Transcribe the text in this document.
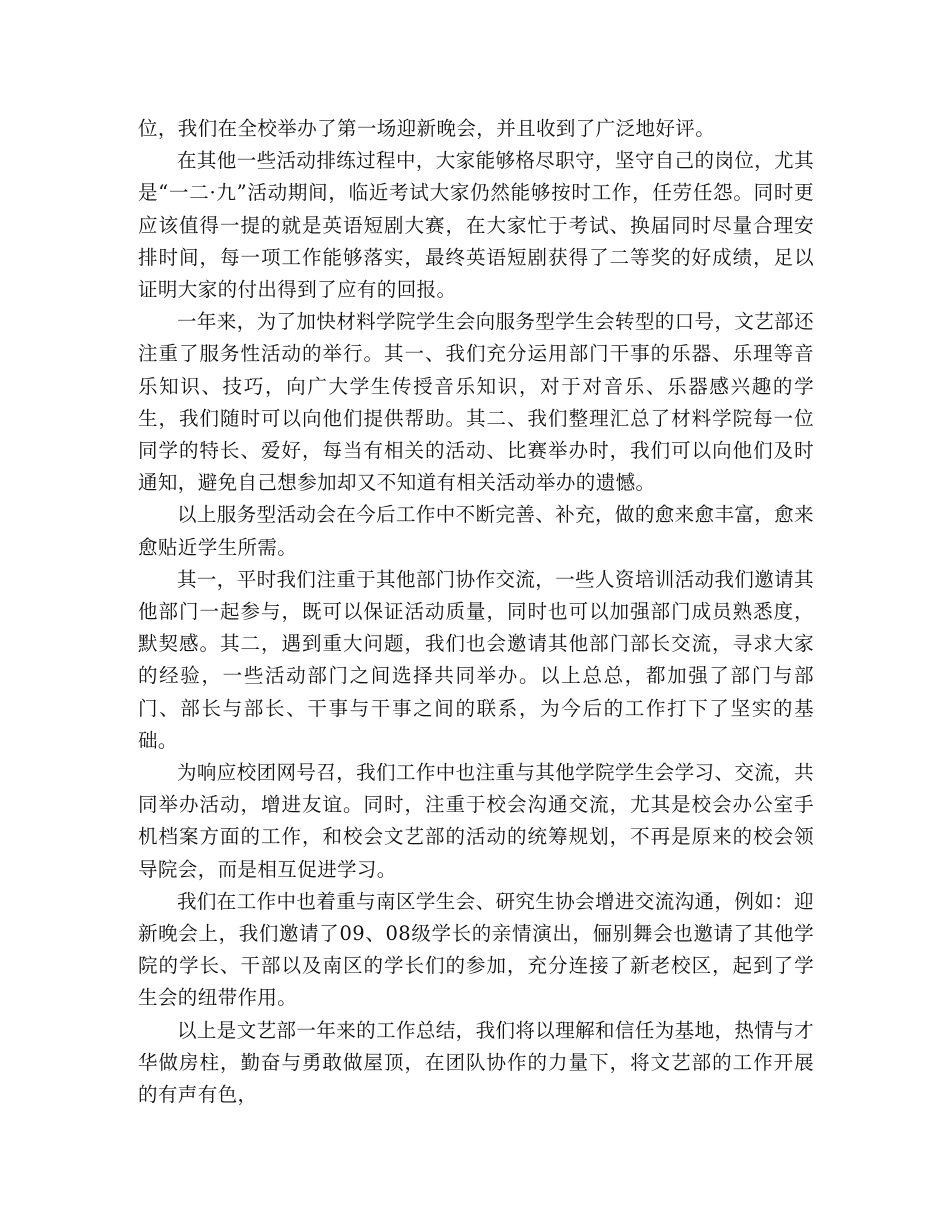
位，我们在全校举办了第一场迎新晚会，并且收到了广泛地好评。

在其他一些活动排练过程中，大家能够格尽职守，坚守自己的岗位，尤其是“一二·九”活动期间，临近考试大家仍然能够按时工作，任劳任怨。同时更应该值得一提的就是英语短剧大赛，在大家忙于考试、换届同时尽量合理安排时间，每一项工作能够落实，最终英语短剧获得了二等奖的好成绩，足以证明大家的付出得到了应有的回报。

一年来，为了加快材料学院学生会向服务型学生会转型的口号，文艺部还注重了服务性活动的举行。其一、我们充分运用部门干事的乐器、乐理等音乐知识、技巧，向广大学生传授音乐知识，对于对音乐、乐器感兴趣的学生，我们随时可以向他们提供帮助。其二、我们整理汇总了材料学院每一位同学的特长、爱好，每当有相关的活动、比赛举办时，我们可以向他们及时通知，避免自己想参加却又不知道有相关活动举办的遗憾。

以上服务型活动会在今后工作中不断完善、补充，做的愈来愈丰富，愈来愈贴近学生所需。

其一，平时我们注重于其他部门协作交流，一些人资培训活动我们邀请其他部门一起参与，既可以保证活动质量，同时也可以加强部门成员熟悉度，默契感。其二，遇到重大问题，我们也会邀请其他部门部长交流，寻求大家的经验，一些活动部门之间选择共同举办。以上总总，都加强了部门与部门、部长与部长、干事与干事之间的联系，为今后的工作打下了坚实的基础。

为响应校团网号召，我们工作中也注重与其他学院学生会学习、交流，共同举办活动，增进友谊。同时，注重于校会沟通交流，尤其是校会办公室手机档案方面的工作，和校会文艺部的活动的统筹规划，不再是原来的校会领导院会，而是相互促进学习。

我们在工作中也着重与南区学生会、研究生协会增进交流沟通，例如：迎新晚会上，我们邀请了09、08级学长的亲情演出，俪别舞会也邀请了其他学院的学长、干部以及南区的学长们的参加，充分连接了新老校区，起到了学生会的纽带作用。

以上是文艺部一年来的工作总结，我们将以理解和信任为基地，热情与才华做房柱，勤奋与勇敢做屋顶，在团队协作的力量下，将文艺部的工作开展的有声有色，
